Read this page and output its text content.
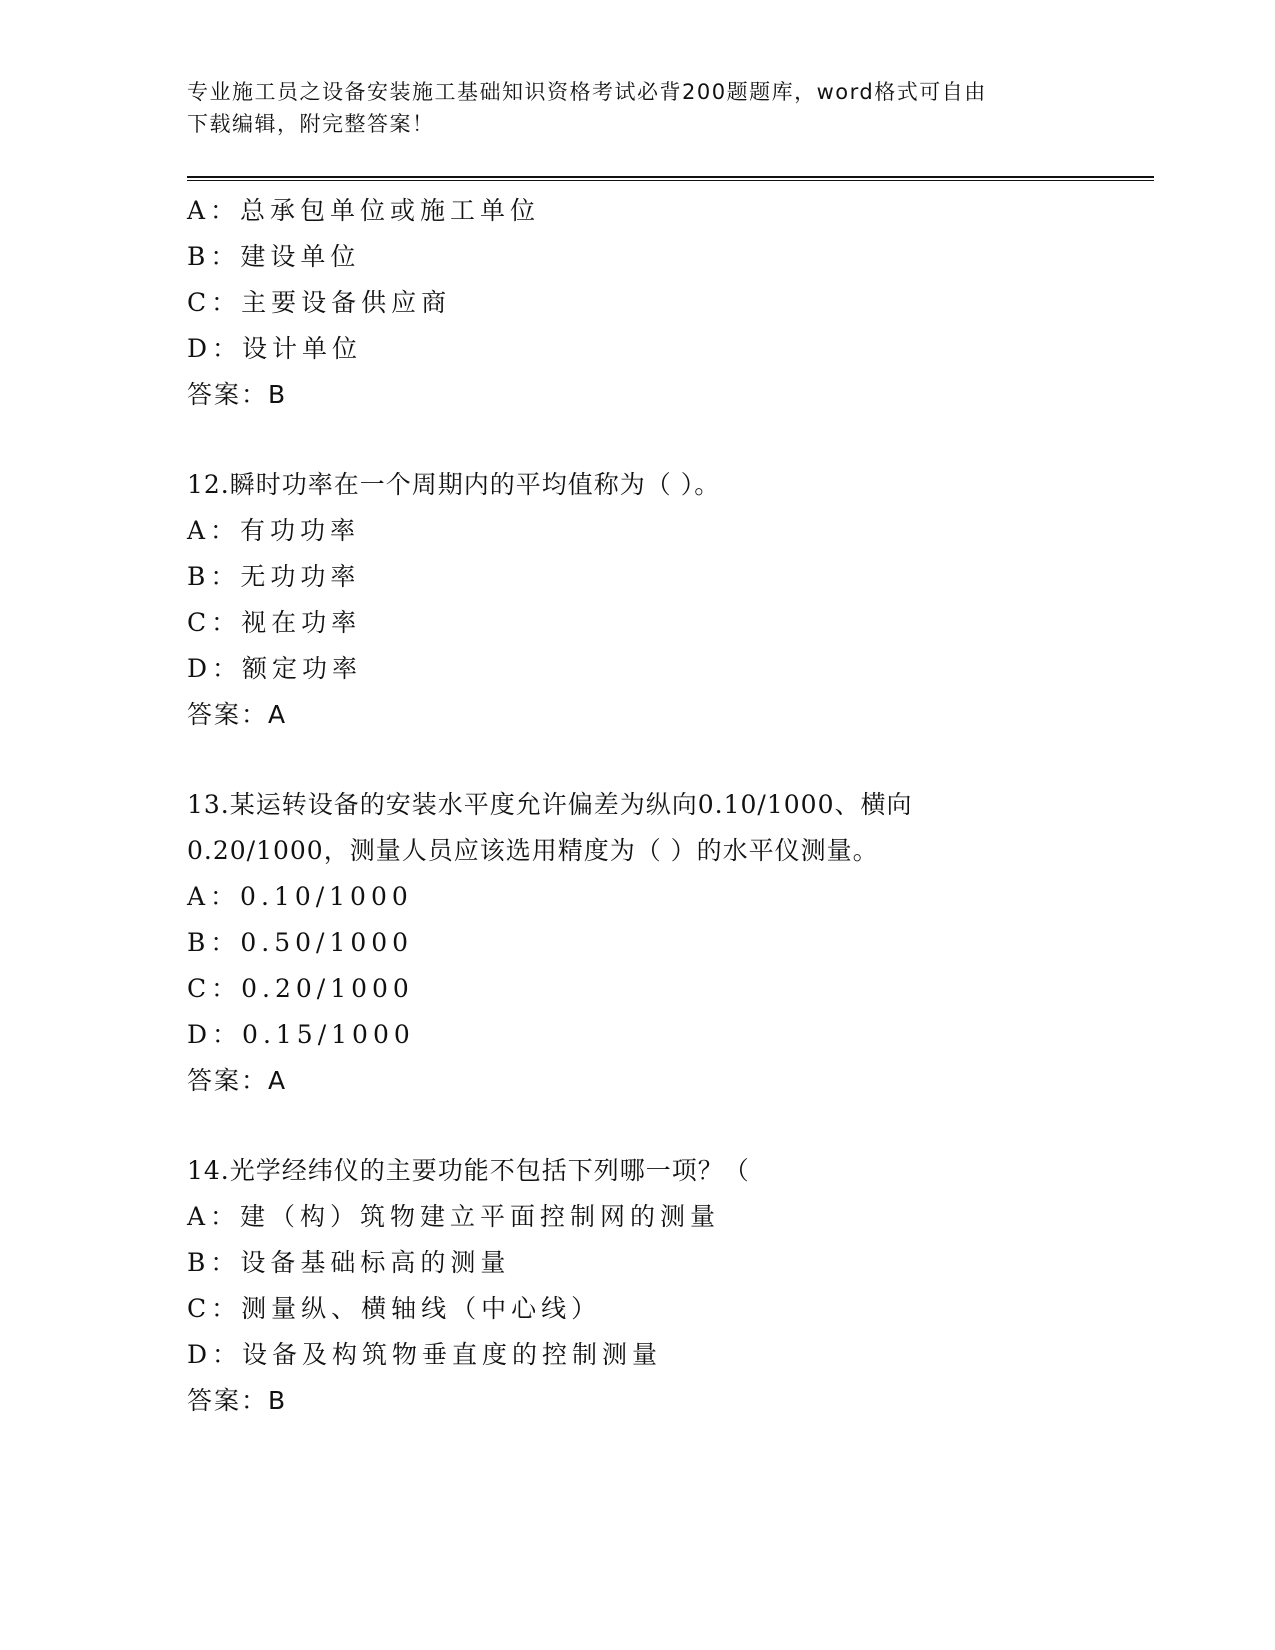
专业施工员之设备安装施工基础知识资格考试必背200题题库，word格式可自由
下载编辑，附完整答案！
A：总承包单位或施工单位
B：建设单位
C：主要设备供应商
D：设计单位
答案：B
12.瞬时功率在一个周期内的平均值称为（ ）。
A：有功功率
B：无功功率
C：视在功率
D：额定功率
答案：A
13.某运转设备的安装水平度允许偏差为纵向0.10/1000、横向
0.20/1000，测量人员应该选用精度为（ ）的水平仪测量。
A：0.10/1000
B：0.50/1000
C：0.20/1000
D：0.15/1000
答案：A
14.光学经纬仪的主要功能不包括下列哪一项？（
A：建（构）筑物建立平面控制网的测量
B：设备基础标高的测量
C：测量纵、横轴线（中心线）
D：设备及构筑物垂直度的控制测量
答案：B
